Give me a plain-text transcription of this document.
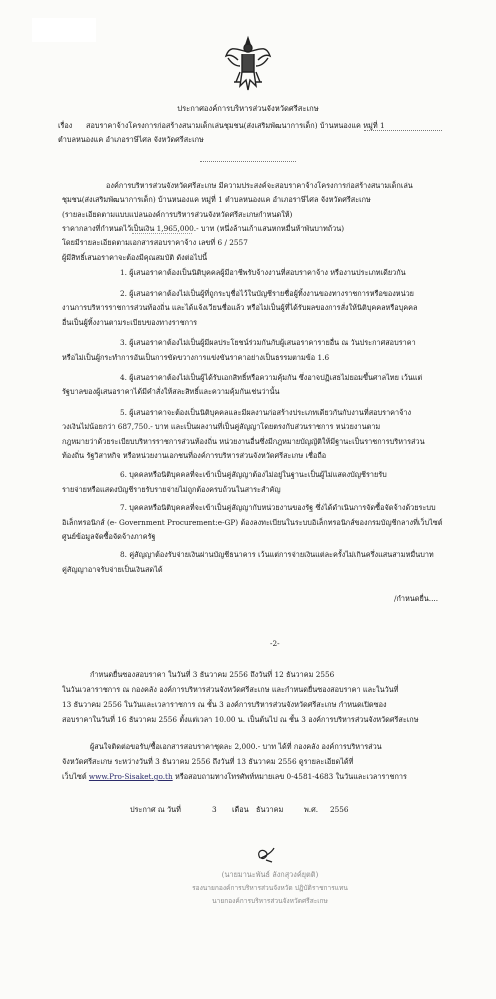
ประกาศองค์การบริหารส่วนจังหวัดศรีสะเกษ
เรื่อง สอบราคาจ้างโครงการก่อสร้างสนามเด็กเล่นชุมชน(ส่งเสริมพัฒนาการเด็ก) บ้านหนองแค หมู่ที่ 1
ตำบลหนองแค อำเภอราษีไศล จังหวัดศรีสะเกษ
องค์การบริหารส่วนจังหวัดศรีสะเกษ มีความประสงค์จะสอบราคาจ้างโครงการก่อสร้างสนามเด็กเล่น
ชุมชน(ส่งเสริมพัฒนาการเด็ก) บ้านหนองแค หมู่ที่ 1 ตำบลหนองแค อำเภอราษีไศล จังหวัดศรีสะเกษ
(รายละเอียดตามแบบแปลนองค์การบริหารส่วนจังหวัดศรีสะเกษกำหนดให้)
ราคากลางที่กำหนดไว้เป็นเงิน 1,965,000.- บาท (หนึ่งล้านเก้าแสนหกหมื่นห้าพันบาทถ้วน)
โดยมีรายละเอียดตามเอกสารสอบราคาจ้าง เลขที่ 6 / 2557
ผู้มีสิทธิ์เสนอราคาจะต้องมีคุณสมบัติ ดังต่อไปนี้
1. ผู้เสนอราคาต้องเป็นนิติบุคคลผู้มีอาชีพรับจ้างงานที่สอบราคาจ้าง หรืองานประเภทเดียวกัน
2. ผู้เสนอราคาต้องไม่เป็นผู้ที่ถูกระบุชื่อไว้ในบัญชีรายชื่อผู้ทิ้งงานของทางราชการหรือของหน่วย
งานการบริหารราชการส่วนท้องถิ่น และได้แจ้งเวียนชื่อแล้ว หรือไม่เป็นผู้ที่ได้รับผลของการสั่งให้นิติบุคคลหรือบุคคล
อื่นเป็นผู้ทิ้งงานตามระเบียบของทางราชการ
3. ผู้เสนอราคาต้องไม่เป็นผู้มีผลประโยชน์ร่วมกันกับผู้เสนอราคารายอื่น ณ วันประกาศสอบราคา
หรือไม่เป็นผู้กระทำการอันเป็นการขัดขวางการแข่งขันราคาอย่างเป็นธรรมตามข้อ 1.6
4. ผู้เสนอราคาต้องไม่เป็นผู้ได้รับเอกสิทธิ์หรือความคุ้มกัน ซึ่งอาจปฏิเสธไม่ยอมขึ้นศาลไทย เว้นแต่
รัฐบาลของผู้เสนอราคาได้มีคำสั่งให้สละสิทธิ์และความคุ้มกันเช่นว่านั้น
5. ผู้เสนอราคาจะต้องเป็นนิติบุคคลและมีผลงานก่อสร้างประเภทเดียวกันกับงานที่สอบราคาจ้าง
วงเงินไม่น้อยกว่า 687,750.- บาท และเป็นผลงานที่เป็นคู่สัญญาโดยตรงกับส่วนราชการ หน่วยงานตาม
กฎหมายว่าด้วยระเบียบบริหารราชการส่วนท้องถิ่น หน่วยงานอื่นซึ่งมีกฎหมายบัญญัติให้มีฐานะเป็นราชการบริหารส่วน
ท้องถิ่น รัฐวิสาหกิจ หรือหน่วยงานเอกชนที่องค์การบริหารส่วนจังหวัดศรีสะเกษ เชื่อถือ
6. บุคคลหรือนิติบุคคลที่จะเข้าเป็นคู่สัญญาต้องไม่อยู่ในฐานะเป็นผู้ไม่แสดงบัญชีรายรับ
รายจ่ายหรือแสดงบัญชีรายรับรายจ่ายไม่ถูกต้องครบถ้วนในสาระสำคัญ
7. บุคคลหรือนิติบุคคลที่จะเข้าเป็นคู่สัญญากับหน่วยงานของรัฐ ซึ่งได้ดำเนินการจัดซื้อจัดจ้างด้วยระบบ
อิเล็กทรอนิกส์ (e- Government Procurement:e-GP) ต้องลงทะเบียนในระบบอิเล็กทรอนิกส์ของกรมบัญชีกลางที่เว็บไซต์
ศูนย์ข้อมูลจัดซื้อจัดจ้างภาครัฐ
8. คู่สัญญาต้องรับจ่ายเงินผ่านบัญชีธนาคาร เว้นแต่การจ่ายเงินแต่ละครั้งไม่เกินครึ่งแสนสามหมื่นบาท
คู่สัญญาอาจรับจ่ายเป็นเงินสดได้
/กำหนดยื่น....
-2-
กำหนดยื่นซองสอบราคา ในวันที่ 3 ธันวาคม 2556 ถึงวันที่ 12 ธันวาคม 2556
ในวันเวลาราชการ ณ กองคลัง องค์การบริหารส่วนจังหวัดศรีสะเกษ และกำหนดยื่นซองสอบราคา และในวันที่
13 ธันวาคม 2556 ในวันและเวลาราชการ ณ ชั้น 3 องค์การบริหารส่วนจังหวัดศรีสะเกษ กำหนดเปิดซอง
สอบราคาในวันที่ 16 ธันวาคม 2556 ตั้งแต่เวลา 10.00 น. เป็นต้นไป ณ ชั้น 3 องค์การบริหารส่วนจังหวัดศรีสะเกษ
ผู้สนใจติดต่อขอรับ/ซื้อเอกสารสอบราคาชุดละ 2,000.- บาท ได้ที่ กองคลัง องค์การบริหารส่วน
จังหวัดศรีสะเกษ ระหว่างวันที่ 3 ธันวาคม 2556 ถึงวันที่ 13 ธันวาคม 2556 ดูรายละเอียดได้ที่
เว็บไซต์ www.Pro-Sisaket.go.th หรือสอบถามทางโทรศัพท์หมายเลข 0-4581-4683 ในวันและเวลาราชการ
ประกาศ ณ วันที่	3 เดือน ธันวาคม	พ.ศ. 2556
(นายมานะพันธ์ ลังกสุวงค์ยุตติ)
รองนายกองค์การบริหารส่วนจังหวัด ปฏิบัติราชการแทน
นายกองค์การบริหารส่วนจังหวัดศรีสะเกษ
